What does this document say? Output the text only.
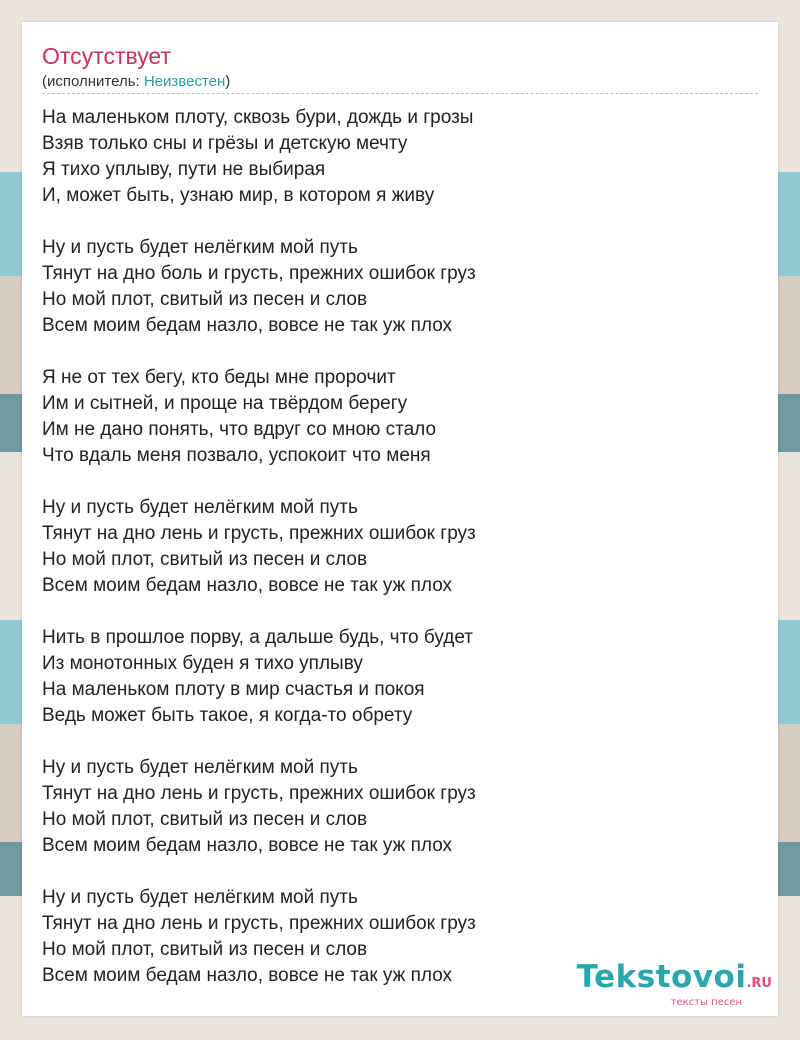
Отсутствует
(исполнитель: Неизвестен)
На маленьком плоту, сквозь бури, дождь и грозы
Взяв только сны и грёзы и детскую мечту
Я тихо уплыву, пути не выбирая
И, может быть, узнаю мир, в котором я живу
Ну и пусть будет нелёгким мой путь
Тянут на дно боль и грусть, прежних ошибок груз
Но мой плот, свитый из песен и слов
Всем моим бедам назло, вовсе не так уж плох
Я не от тех бегу, кто беды мне пророчит
Им и сытней, и проще на твёрдом берегу
Им не дано понять, что вдруг со мною стало
Что вдаль меня позвало, успокоит что меня
Ну и пусть будет нелёгким мой путь
Тянут на дно лень и грусть, прежних ошибок груз
Но мой плот, свитый из песен и слов
Всем моим бедам назло, вовсе не так уж плох
Нить в прошлое порву, а дальше будь, что будет
Из монотонных буден я тихо уплыву
На маленьком плоту в мир счастья и покоя
Ведь может быть такое, я когда-то обрету
Ну и пусть будет нелёгким мой путь
Тянут на дно лень и грусть, прежних ошибок груз
Но мой плот, свитый из песен и слов
Всем моим бедам назло, вовсе не так уж плох
Ну и пусть будет нелёгким мой путь
Тянут на дно лень и грусть, прежних ошибок груз
Но мой плот, свитый из песен и слов
Всем моим бедам назло, вовсе не так уж плох	Tekstovoi.RU
тексты песен
